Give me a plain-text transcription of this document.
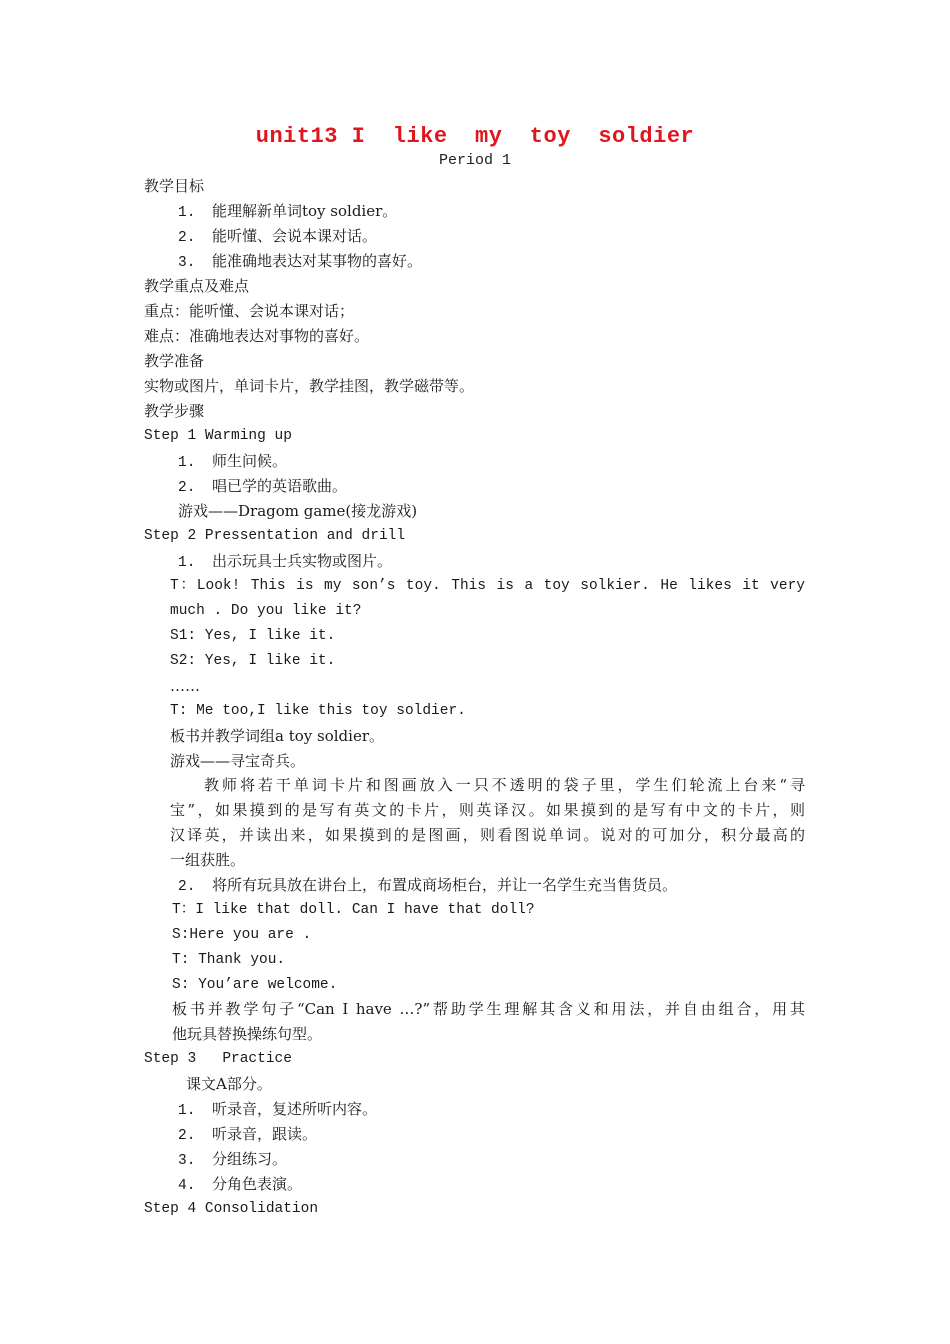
unit13 I  like  my  toy  soldier
Period 1
教学目标
1. 能理解新单词toy soldier。
2. 能听懂、会说本课对话。
3. 能准确地表达对某事物的喜好。
教学重点及难点
重点：能听懂、会说本课对话；
难点：准确地表达对事物的喜好。
教学准备
实物或图片，单词卡片，教学挂图，教学磁带等。
教学步骤
Step 1 Warming up
1. 师生问候。
2. 唱已学的英语歌曲。
游戏——Dragom game(接龙游戏)
Step 2 Pressentation and drill
1. 出示玩具士兵实物或图片。
T：Look! This is my son’s toy. This is a toy solkier. He likes it very
much . Do you like it?
S1: Yes, I like it.
S2: Yes, I like it.
……
T: Me too,I like this toy soldier.
板书并教学词组a toy soldier。
游戏——寻宝奇兵。
教师将若干单词卡片和图画放入一只不透明的袋子里，学生们轮流上台来“寻
宝”，如果摸到的是写有英文的卡片，则英译汉。如果摸到的是写有中文的卡片，则
汉译英，并读出来，如果摸到的是图画，则看图说单词。说对的可加分，积分最高的
一组获胜。
2. 将所有玩具放在讲台上，布置成商场柜台，并让一名学生充当售货员。
T：I like that doll. Can I have that doll?
S:Here you are .
T: Thank you.
S: You’are welcome.
板书并教学句子“Can I have …?”帮助学生理解其含义和用法，并自由组合，用其
他玩具替换操练句型。
Step 3   Practice
课文A部分。
1. 听录音，复述所听内容。
2. 听录音，跟读。
3. 分组练习。
4. 分角色表演。
Step 4 Consolidation
